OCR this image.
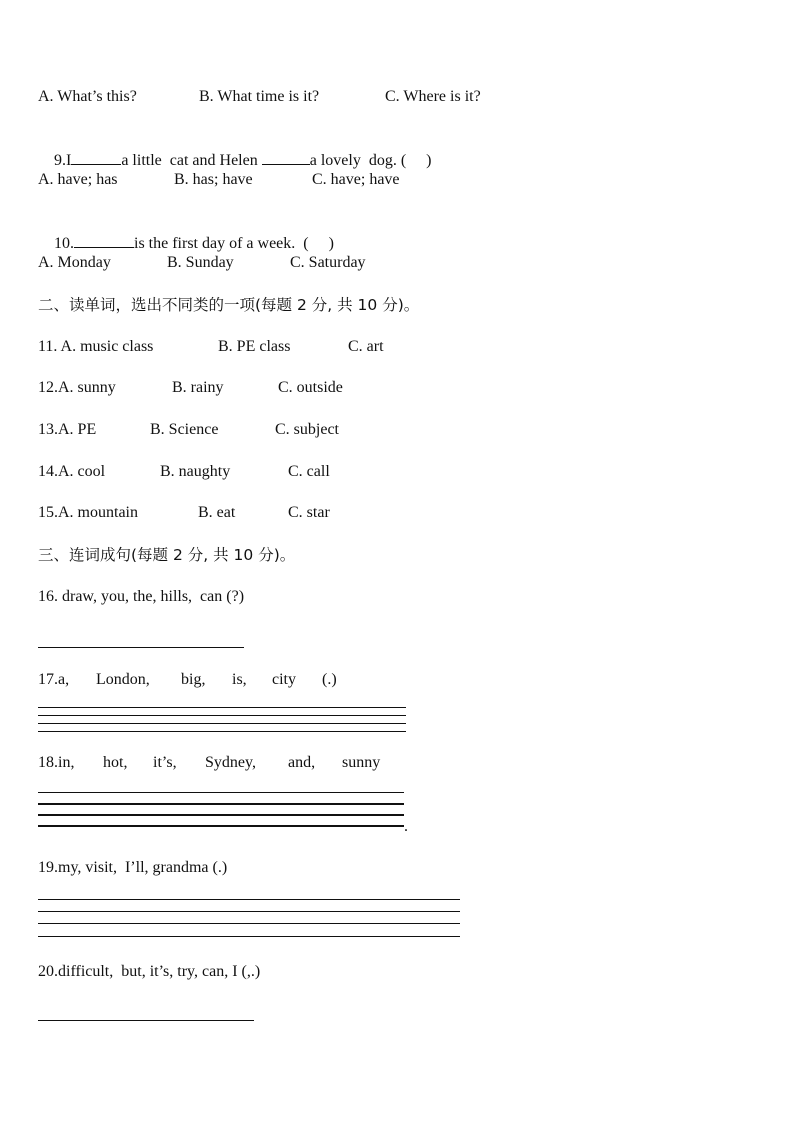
A. What’s this?	B. What time is it?	C. Where is it?

9.I	a little  cat and Helen	a lovely  dog. (     )

A. have; has	B. has; have	C. have; have

10.	is the first day of a week.  (     )

A. Monday	B. Sunday	C. Saturday
二、读单词，选出不同类的一项(每题 2 分, 共 10 分)。
11. A. music class	B. PE class	C. art
12.A. sunny	B. rainy	C. outside
13.A. PE	B. Science	C. subject
14.A. cool	B. naughty	C. call
15.A. mountain	B. eat	C. star
三、连词成句(每题 2 分, 共 10 分)。
16. draw, you, the, hills,  can (?)
17.a, London, big, is, city (.)
18.in, hot, it’s, Sydney, and, sunny
.
19.my, visit,  I’ll, grandma (.)
20.difficult,  but, it’s, try, can, I (,.)
